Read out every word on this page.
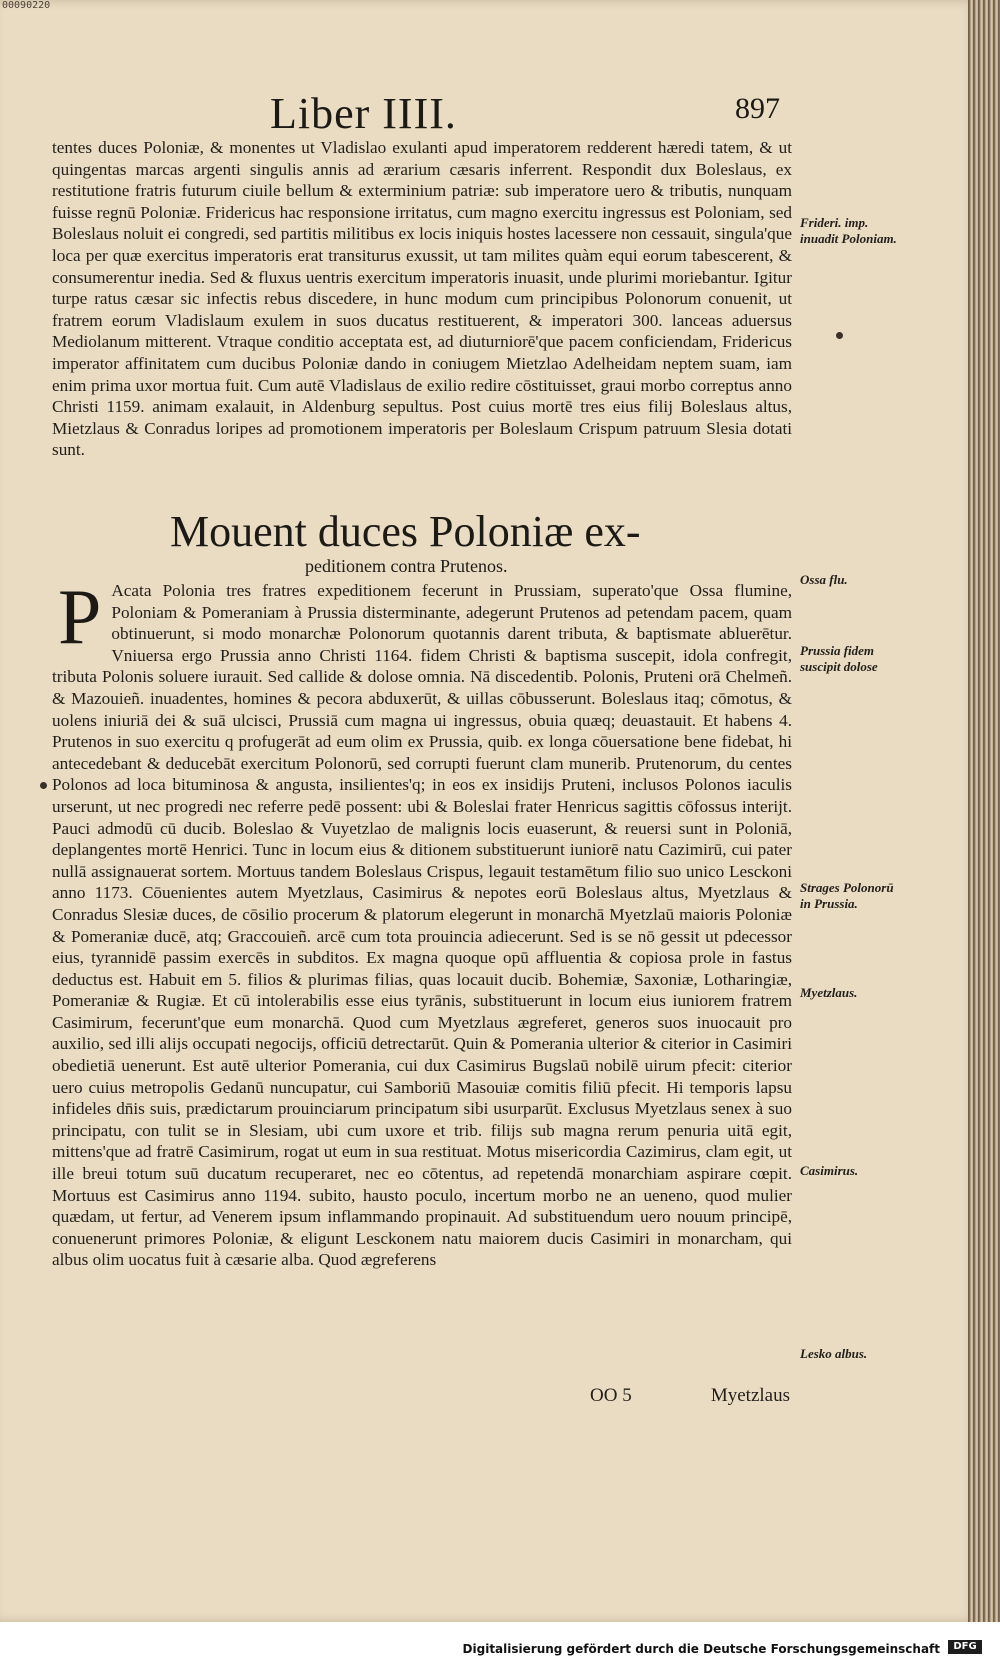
00090220
Liber IIII.	897

tentes duces Poloniæ, & monentes ut Vladislao exulanti apud imperatorem redderent hæredi tatem, & ut quingentas marcas argenti singulis annis ad ærarium cæsaris inferrent. Respondit dux Boleslaus, ex restitutione fratris futurum ciuile bellum & exterminium patriæ: sub imperatore uero & tributis, nunquam fuisse regnū Poloniæ. Fridericus hac responsione irritatus, cum magno exercitu ingressus est Poloniam, sed Boleslaus noluit ei congredi, sed partitis militibus ex locis iniquis hostes lacessere non cessauit, singula'que loca per quæ exercitus imperatoris erat transiturus exussit, ut tam milites quàm equi eorum tabescerent, & consumerentur inedia. Sed & fluxus uentris exercitum imperatoris inuasit, unde plurimi moriebantur. Igitur turpe ratus cæsar sic infectis rebus discedere, in hunc modum cum principibus Polonorum conuenit, ut fratrem eorum Vladislaum exulem in suos ducatus restituerent, & imperatori 300. lanceas aduersus Mediolanum mitterent. Vtraque conditio acceptata est, ad diuturniorē'que pacem conficiendam, Fridericus imperator affinitatem cum ducibus Poloniæ dando in coniugem Mietzlao Adelheidam neptem suam, iam enim prima uxor mortua fuit. Cum autē Vladislaus de exilio redire cōstituisset, graui morbo correptus anno Christi 1159. animam exalauit, in Aldenburg sepultus. Post cuius mortē tres eius filij Boleslaus altus, Mietzlaus & Conradus loripes ad promotionem imperatoris per Boleslaum Crispum patruum Slesia dotati sunt.

Mouent duces Poloniæ ex-
peditionem contra Prutenos.
P Acata Polonia tres fratres expeditionem fecerunt in Prussiam, superato'que Ossa flumine, Poloniam & Pomeraniam à Prussia disterminante, adegerunt Prutenos ad petendam pacem, quam obtinuerunt, si modo monarchæ Polonorum quotannis darent tributa, & baptismate abluerētur. Vniuersa ergo Prussia anno Christi 1164. fidem Christi & baptisma suscepit, idola confregit, tributa Polonis soluere iurauit. Sed callide & dolose omnia. Nā discedentib. Polonis, Pruteni orā Chelmeñ. & Mazouieñ. inuadentes, homines & pecora abduxerūt, & uillas cōbusserunt. Boleslaus itaq; cōmotus, & uolens iniuriā dei & suā ulcisci, Prussiā cum magna ui ingressus, obuia quæq; deuastauit. Et habens 4. Prutenos in suo exercitu q profugerāt ad eum olim ex Prussia, quib. ex longa cōuersatione bene fidebat, hi antecedebant & deducebāt exercitum Polonorū, sed corrupti fuerunt clam munerib. Prutenorum, du centes Polonos ad loca bituminosa & angusta, insilientes'q; in eos ex insidijs Pruteni, inclusos Polonos iaculis urserunt, ut nec progredi nec referre pedē possent: ubi & Boleslai frater Henricus sagittis cōfossus interijt. Pauci admodū cū ducib. Boleslao & Vuyetzlao de malignis locis euaserunt, & reuersi sunt in Poloniā, deplangentes mortē Henrici. Tunc in locum eius & ditionem substituerunt iuniorē natu Cazimirū, cui pater nullā assignauerat sortem. Mortuus tandem Boleslaus Crispus, legauit testamētum filio suo unico Lesckoni anno 1173. Cōuenientes autem Myetzlaus, Casimirus & nepotes eorū Boleslaus altus, Myetzlaus & Conradus Slesiæ duces, de cōsilio procerum & platorum elegerunt in monarchā Myetzlaū maioris Poloniæ & Pomeraniæ ducē, atq; Graccouieñ. arcē cum tota prouincia adiecerunt. Sed is se nō gessit ut pdecessor eius, tyrannidē passim exercēs in subditos. Ex magna quoque opū affluentia & copiosa prole in fastus deductus est. Habuit em 5. filios & plurimas filias, quas locauit ducib. Bohemiæ, Saxoniæ, Lotharingiæ, Pomeraniæ & Rugiæ. Et cū intolerabilis esse eius tyrānis, substituerunt in locum eius iuniorem fratrem Casimirum, fecerunt'que eum monarchā. Quod cum Myetzlaus ægreferet, generos suos inuocauit pro auxilio, sed illi alijs occupati negocijs, officiū detrectarūt. Quin & Pomerania ulterior & citerior in Casimiri obedietiā uenerunt. Est autē ulterior Pomerania, cui dux Casimirus Bugslaū nobilē uirum pfecit: citerior uero cuius metropolis Gedanū nuncupatur, cui Samboriū Masouiæ comitis filiū pfecit. Hi temporis lapsu infideles dn̄is suis, prædictarum prouinciarum principatum sibi usurparūt. Exclusus Myetzlaus senex à suo principatu, con tulit se in Slesiam, ubi cum uxore et trib. filijs sub magna rerum penuria uitā egit, mittens'que ad fratrē Casimirum, rogat ut eum in sua restituat. Motus misericordia Cazimirus, clam egit, ut ille breui totum suū ducatum recuperaret, nec eo cōtentus, ad repetendā monarchiam aspirare cœpit. Mortuus est Casimirus anno 1194. subito, hausto poculo, incertum morbo ne an ueneno, quod mulier quædam, ut fertur, ad Venerem ipsum inflammando propinauit. Ad substituendum uero nouum principē, conuenerunt primores Poloniæ, & eligunt Lesckonem natu maiorem ducis Casimiri in monarcham, qui albus olim uocatus fuit à cæsarie alba. Quod ægreferens

OO 5	Myetzlaus
Frideri. imp. inuadit Poloniam.
Ossa flu.
Prussia fidem suscipit dolose
Strages Polonorū in Prussia.
Myetzlaus.
Casimirus.
Lesko albus.
Digitalisierung gefördert durch die Deutsche Forschungsgemeinschaft	DFG
